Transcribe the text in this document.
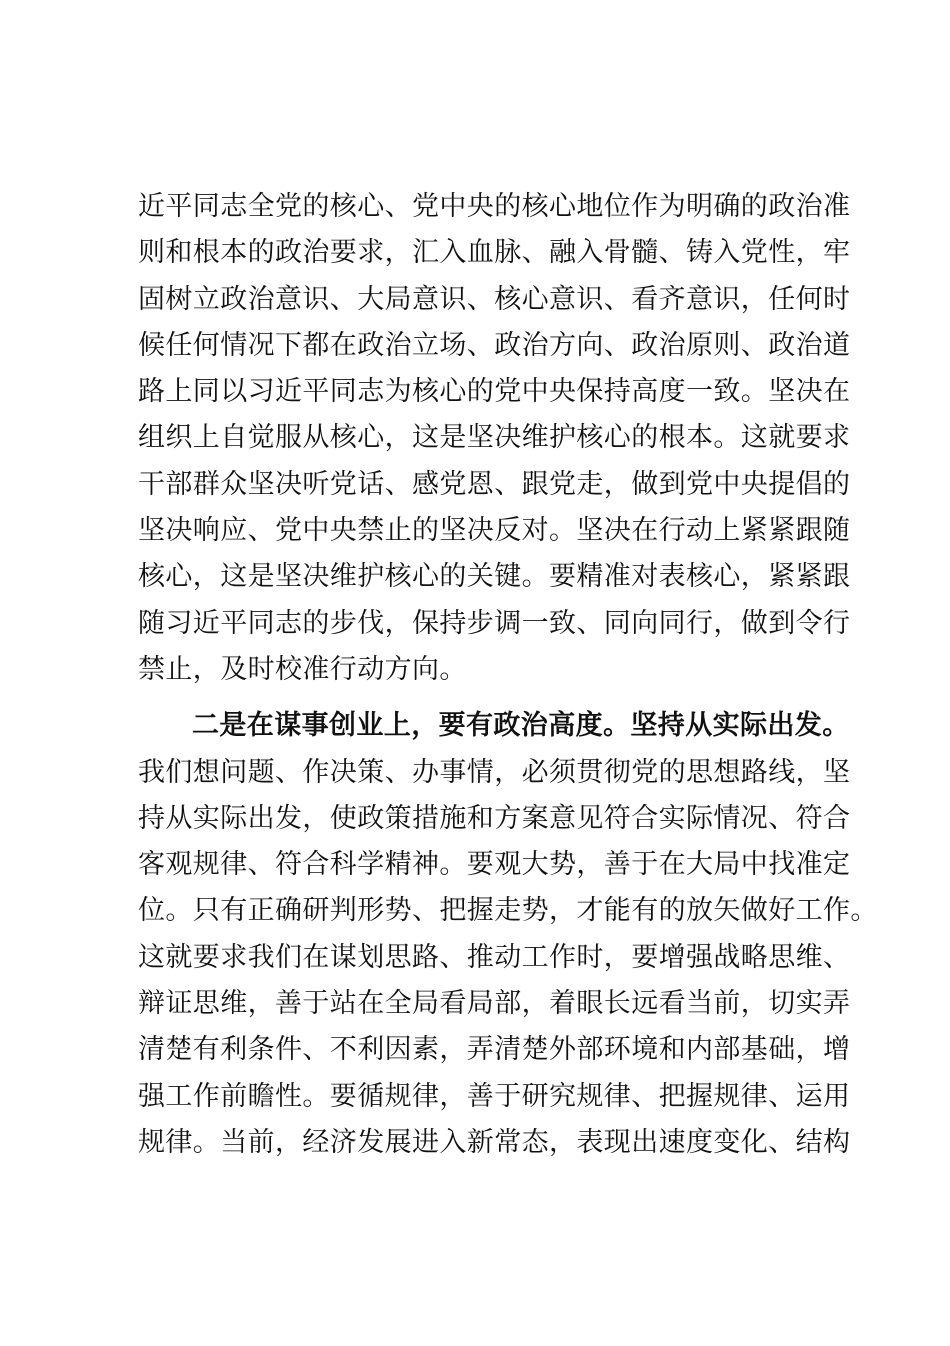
近平同志全党的核心、党中央的核心地位作为明确的政治准
则和根本的政治要求，汇入血脉、融入骨髓、铸入党性，牢
固树立政治意识、大局意识、核心意识、看齐意识，任何时
候任何情况下都在政治立场、政治方向、政治原则、政治道
路上同以习近平同志为核心的党中央保持高度一致。坚决在
组织上自觉服从核心，这是坚决维护核心的根本。这就要求
干部群众坚决听党话、感党恩、跟党走，做到党中央提倡的
坚决响应、党中央禁止的坚决反对。坚决在行动上紧紧跟随
核心，这是坚决维护核心的关键。要精准对表核心，紧紧跟
随习近平同志的步伐，保持步调一致、同向同行，做到令行
禁止，及时校准行动方向。
二是在谋事创业上，要有政治高度。坚持从实际出发。
我们想问题、作决策、办事情，必须贯彻党的思想路线，坚
持从实际出发，使政策措施和方案意见符合实际情况、符合
客观规律、符合科学精神。要观大势，善于在大局中找准定
位。只有正确研判形势、把握走势，才能有的放矢做好工作。
这就要求我们在谋划思路、推动工作时，要增强战略思维、
辩证思维，善于站在全局看局部，着眼长远看当前，切实弄
清楚有利条件、不利因素，弄清楚外部环境和内部基础，增
强工作前瞻性。要循规律，善于研究规律、把握规律、运用
规律。当前，经济发展进入新常态，表现出速度变化、结构
